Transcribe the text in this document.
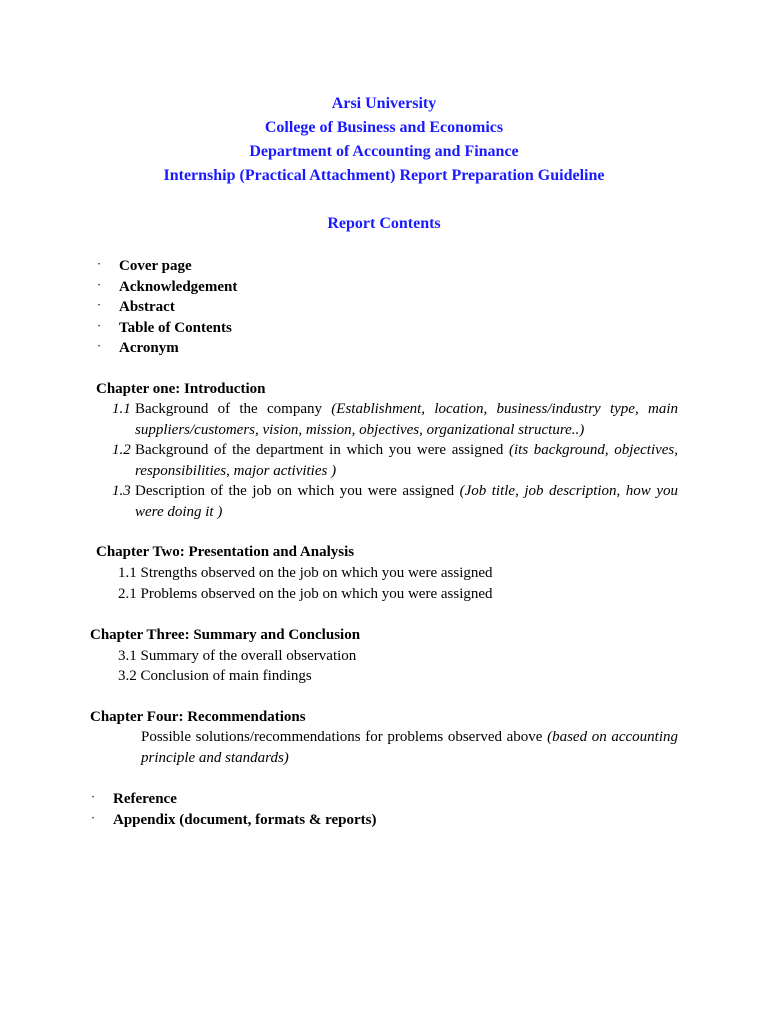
Arsi University
College of Business and Economics
Department of Accounting and Finance
Internship (Practical Attachment) Report Preparation Guideline
Report Contents
· Cover page
· Acknowledgement
· Abstract
· Table of Contents
· Acronym
Chapter one: Introduction
1.1 Background of the company (Establishment, location, business/industry type, main suppliers/customers, vision, mission, objectives, organizational structure..)
1.2 Background of the department in which you were assigned (its background, objectives, responsibilities, major activities )
1.3 Description of the job on which you were assigned (Job title, job description, how you were doing it )
Chapter Two: Presentation and Analysis
1.1 Strengths observed on the job on which you were assigned
2.1 Problems observed on the job on which you were assigned
Chapter Three: Summary and Conclusion
3.1 Summary of the overall observation
3.2 Conclusion of main findings
Chapter Four: Recommendations
Possible solutions/recommendations for problems observed above (based on accounting principle and standards)
· Reference
· Appendix (document, formats & reports)
